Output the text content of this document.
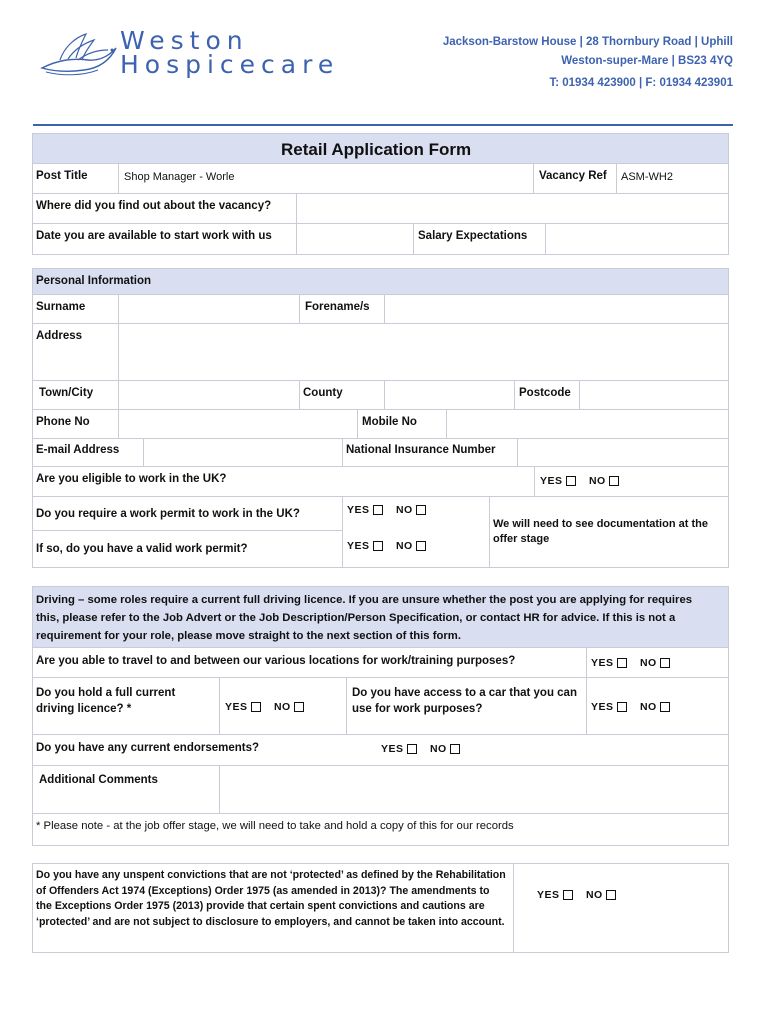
Weston
Hospicecare
Jackson-Barstow House | 28 Thornbury Road | Uphill
Weston-super-Mare | BS23 4YQ
T: 01934 423900 | F: 01934 423901
Retail Application Form
Post Title	Shop Manager - Worle	Vacancy Ref ASM-WH2
Where did you find out about the vacancy?
Date you are available to start work with us	Salary Expectations
Personal Information
Surname	Forename/s
Address
Town/City	County	Postcode
Phone No	Mobile No
E-mail Address	National Insurance Number
Are you eligible to work in the UK?	YES	NO
Do you require a work permit to work in the UK?	YES	NO
If so, do you have a valid work permit?	YES	NO
We will need to see documentation at the offer stage
Driving – some roles require a current full driving licence. If you are unsure whether the post you are applying for requires this, please refer to the Job Advert or the Job Description/Person Specification, or contact HR for advice. If this is not a requirement for your role, please move straight to the next section of this form.
Are you able to travel to and between our various locations for work/training purposes?	YES	NO
Do you hold a full current driving licence? *	YES	NO
Do you have access to a car that you can use for work purposes?	YES	NO
Do you have any current endorsements?	YES	NO
Additional Comments
* Please note - at the job offer stage, we will need to take and hold a copy of this for our records
Do you have any unspent convictions that are not ‘protected’ as defined by the Rehabilitation of Offenders Act 1974 (Exceptions) Order 1975 (as amended in 2013)? The amendments to the Exceptions Order 1975 (2013) provide that certain spent convictions and cautions are ‘protected’ and are not subject to disclosure to employers, and cannot be taken into account.
YES	NO
